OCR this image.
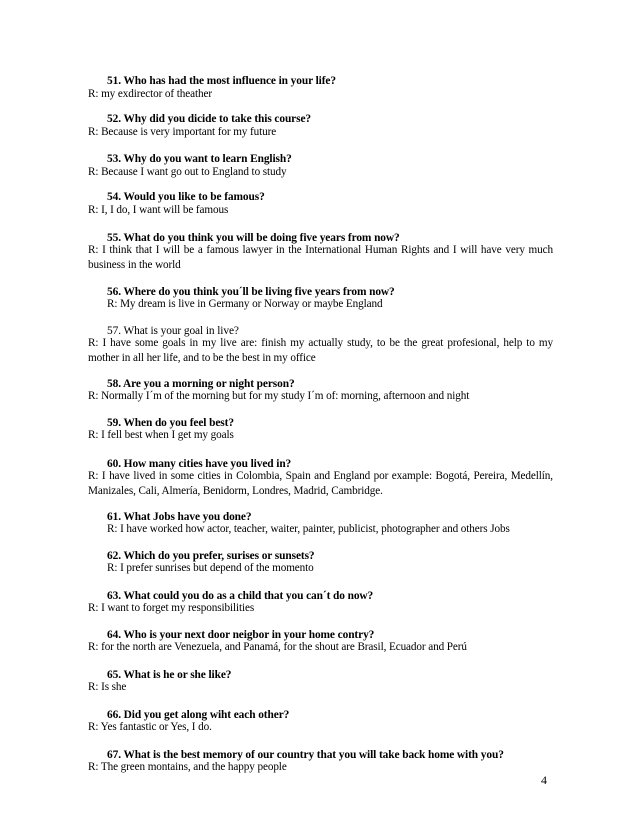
51. Who has had the most influence in your life?
R: my exdirector of theather
52. Why did you dicide to take this course?
R: Because is very important for my future
53. Why do you want to learn English?
R: Because I want go out to England to study
54. Would you like to be famous?
R: I, I do, I want will be famous
55. What do you think you will be doing five years from now?
R: I think that I will be a famous lawyer in the International Human Rights and I will have very much business in the world
56. Where do you think you´ll be living five years from now?
R: My dream is live in Germany or Norway or maybe England
57. What is your goal in live?
R: I have some goals in my live are: finish my actually study, to be the great profesional, help to my mother in all her life, and to be the best in my office
58. Are you a morning or night person?
R: Normally I´m of the morning but for my study I´m of: morning, afternoon and night
59. When do you feel best?
R: I fell best when I get my goals
60. How many cities have you lived in?
R: I have lived in some cities in Colombia, Spain and England por example: Bogotá, Pereira, Medellín, Manizales, Cali, Almería, Benidorm, Londres, Madrid, Cambridge.
61. What Jobs have you done?
R: I have worked how actor, teacher, waiter, painter, publicist, photographer and others Jobs
62. Which do you prefer, surises or sunsets?
R: I prefer sunrises but depend of the momento
63. What could you do as a child that you can´t do now?
R: I want to forget my responsibilities
64. Who is your next door neigbor in your home contry?
R: for the north are Venezuela, and Panamá, for the shout are Brasil, Ecuador and Perú
65. What is he or she like?
R: Is she
66. Did you get along wiht each other?
R: Yes fantastic or Yes, I do.
67. What is the best memory of our country that you will take back home with you?
R: The green montains, and the happy people
4
